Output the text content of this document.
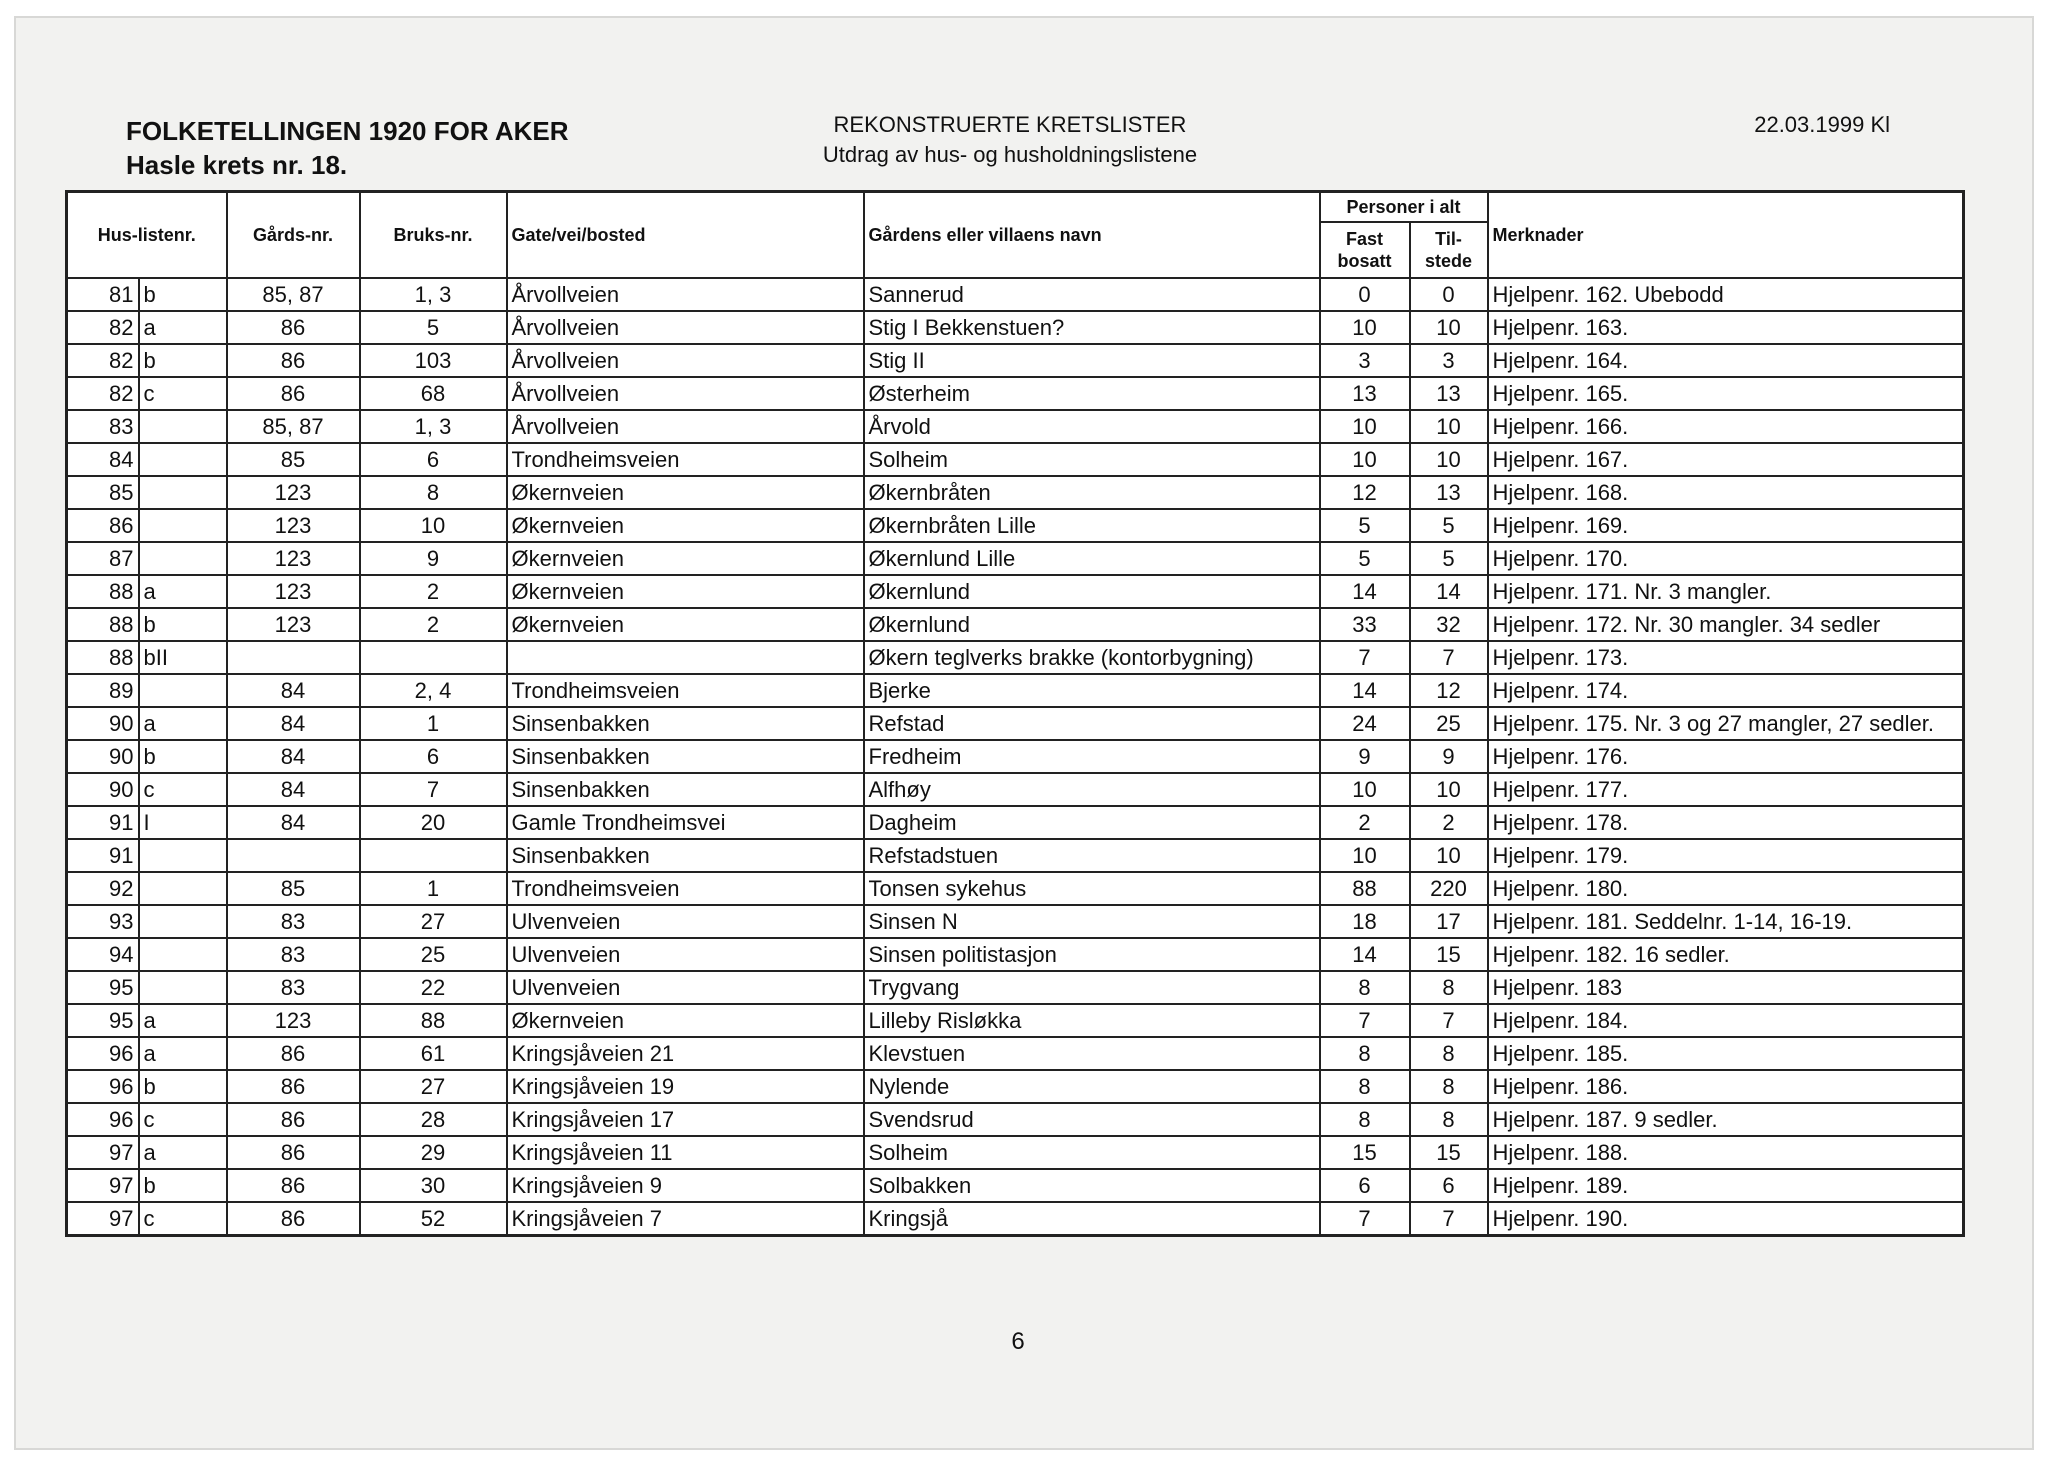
FOLKETELLINGEN 1920 FOR AKER
Hasle krets nr. 18.
REKONSTRUERTE KRETSLISTER
Utdrag av hus- og husholdningslistene
22.03.1999 Kl
Hus-listenr.		Gårds-nr.	Bruks-nr.	Gate/vei/bosted	Gårdens eller villaens navn	Personer i alt		Merknader
						Fast bosatt	Til-stede	
81	b	85, 87	1, 3	Årvollveien	Sannerud	0	0	Hjelpenr. 162. Ubebodd
82	a	86	5	Årvollveien	Stig I Bekkenstuen?	10	10	Hjelpenr. 163.
82	b	86	103	Årvollveien	Stig II	3	3	Hjelpenr. 164.
82	c	86	68	Årvollveien	Østerheim	13	13	Hjelpenr. 165.
83		85, 87	1, 3	Årvollveien	Årvold	10	10	Hjelpenr. 166.
84		85	6	Trondheimsveien	Solheim	10	10	Hjelpenr. 167.
85		123	8	Økernveien	Økernbråten	12	13	Hjelpenr. 168.
86		123	10	Økernveien	Økernbråten Lille	5	5	Hjelpenr. 169.
87		123	9	Økernveien	Økernlund Lille	5	5	Hjelpenr. 170.
88	a	123	2	Økernveien	Økernlund	14	14	Hjelpenr. 171. Nr. 3 mangler.
88	b	123	2	Økernveien	Økernlund	33	32	Hjelpenr. 172. Nr. 30 mangler. 34 sedler
88	bII				Økern teglverks brakke (kontorbygning)	7	7	Hjelpenr. 173.
89		84	2, 4	Trondheimsveien	Bjerke	14	12	Hjelpenr. 174.
90	a	84	1	Sinsenbakken	Refstad	24	25	Hjelpenr. 175. Nr. 3 og 27 mangler, 27 sedler.
90	b	84	6	Sinsenbakken	Fredheim	9	9	Hjelpenr. 176.
90	c	84	7	Sinsenbakken	Alfhøy	10	10	Hjelpenr. 177.
91	I	84	20	Gamle Trondheimsvei	Dagheim	2	2	Hjelpenr. 178.
91				Sinsenbakken	Refstadstuen	10	10	Hjelpenr. 179.
92		85	1	Trondheimsveien	Tonsen sykehus	88	220	Hjelpenr. 180.
93		83	27	Ulvenveien	Sinsen N	18	17	Hjelpenr. 181. Seddelnr. 1-14, 16-19.
94		83	25	Ulvenveien	Sinsen politistasjon	14	15	Hjelpenr. 182. 16 sedler.
95		83	22	Ulvenveien	Trygvang	8	8	Hjelpenr. 183
95	a	123	88	Økernveien	Lilleby Risløkka	7	7	Hjelpenr. 184.
96	a	86	61	Kringsjåveien 21	Klevstuen	8	8	Hjelpenr. 185.
96	b	86	27	Kringsjåveien 19	Nylende	8	8	Hjelpenr. 186.
96	c	86	28	Kringsjåveien 17	Svendsrud	8	8	Hjelpenr. 187. 9 sedler.
97	a	86	29	Kringsjåveien 11	Solheim	15	15	Hjelpenr. 188.
97	b	86	30	Kringsjåveien 9	Solbakken	6	6	Hjelpenr. 189.
97	c	86	52	Kringsjåveien 7	Kringsjå	7	7	Hjelpenr. 190.
6
